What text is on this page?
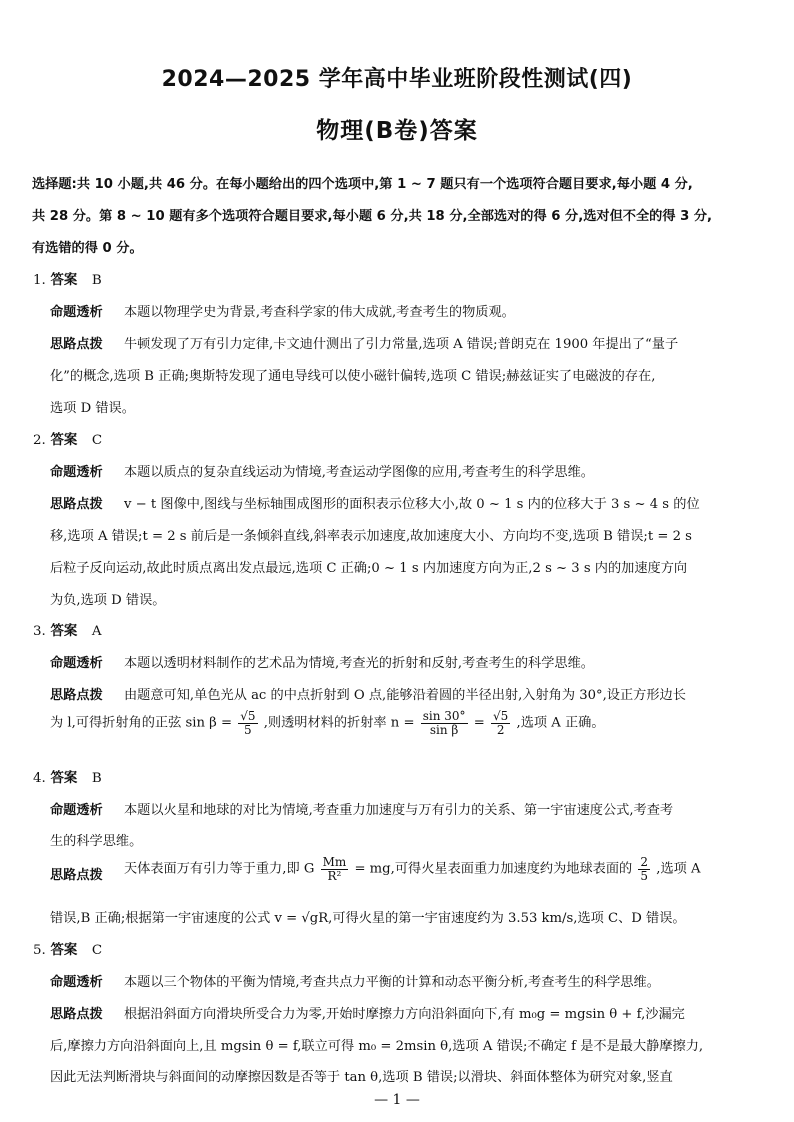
2024—2025 学年高中毕业班阶段性测试(四)
物理(B卷)答案
选择题:共 10 小题,共 46 分。在每小题给出的四个选项中,第 1 ~ 7 题只有一个选项符合题目要求,每小题 4 分,
共 28 分。第 8 ~ 10 题有多个选项符合题目要求,每小题 6 分,共 18 分,全部选对的得 6 分,选对但不全的得 3 分,
有选错的得 0 分。
1. 答案 B
命题透析 本题以物理学史为背景,考查科学家的伟大成就,考查考生的物质观。
思路点拨 牛顿发现了万有引力定律,卡文迪什测出了引力常量,选项 A 错误;普朗克在 1900 年提出了“量子
化”的概念,选项 B 正确;奥斯特发现了通电导线可以使小磁针偏转,选项 C 错误;赫兹证实了电磁波的存在,
选项 D 错误。
2. 答案 C
命题透析 本题以质点的复杂直线运动为情境,考查运动学图像的应用,考查考生的科学思维。
思路点拨 v − t 图像中,图线与坐标轴围成图形的面积表示位移大小,故 0 ~ 1 s 内的位移大于 3 s ~ 4 s 的位
移,选项 A 错误;t = 2 s 前后是一条倾斜直线,斜率表示加速度,故加速度大小、方向均不变,选项 B 错误;t = 2 s
后粒子反向运动,故此时质点离出发点最远,选项 C 正确;0 ~ 1 s 内加速度方向为正,2 s ~ 3 s 内的加速度方向
为负,选项 D 错误。
3. 答案 A
命题透析 本题以透明材料制作的艺术品为情境,考查光的折射和反射,考查考生的科学思维。
思路点拨 由题意可知,单色光从 ac 的中点折射到 O 点,能够沿着圆的半径出射,入射角为 30°,设正方形边长
为 l,可得折射角的正弦 $\sin \beta = \frac{√5}{5}$ ,则透明材料的折射率 $n = \frac{\sin 30^\circ}{\text{sin β}} = \frac{√5}{2}$ ,选项 A 正确。
4. 答案 B
命题透析 本题以火星和地球的对比为情境,考查重力加速度与万有引力的关系、第一宇宙速度公式,考查考
生的科学思维。
思路点拨 天体表面万有引力等于重力,即 G $\frac{Mm}{\text{R²}}$ = mg,可得火星表面重力加速度约为地球表面的 $\frac{2}{5}$ ,选项 A
错误,B 正确;根据第一宇宙速度的公式 v = √gR,可得火星的第一宇宙速度约为 3.53 km/s,选项 C、D 错误。
5. 答案 C
命题透析 本题以三个物体的平衡为情境,考查共点力平衡的计算和动态平衡分析,考查考生的科学思维。
思路点拨 根据沿斜面方向滑块所受合力为零,开始时摩擦力方向沿斜面向下,有 m₀g = mgsin θ + f,沙漏完
后,摩擦力方向沿斜面向上,且 mgsin θ = f,联立可得 m₀ = 2msin θ,选项 A 错误;不确定 f 是不是最大静摩擦力,
因此无法判断滑块与斜面间的动摩擦因数是否等于 tan θ,选项 B 错误;以滑块、斜面体整体为研究对象,竖直
— 1 —
